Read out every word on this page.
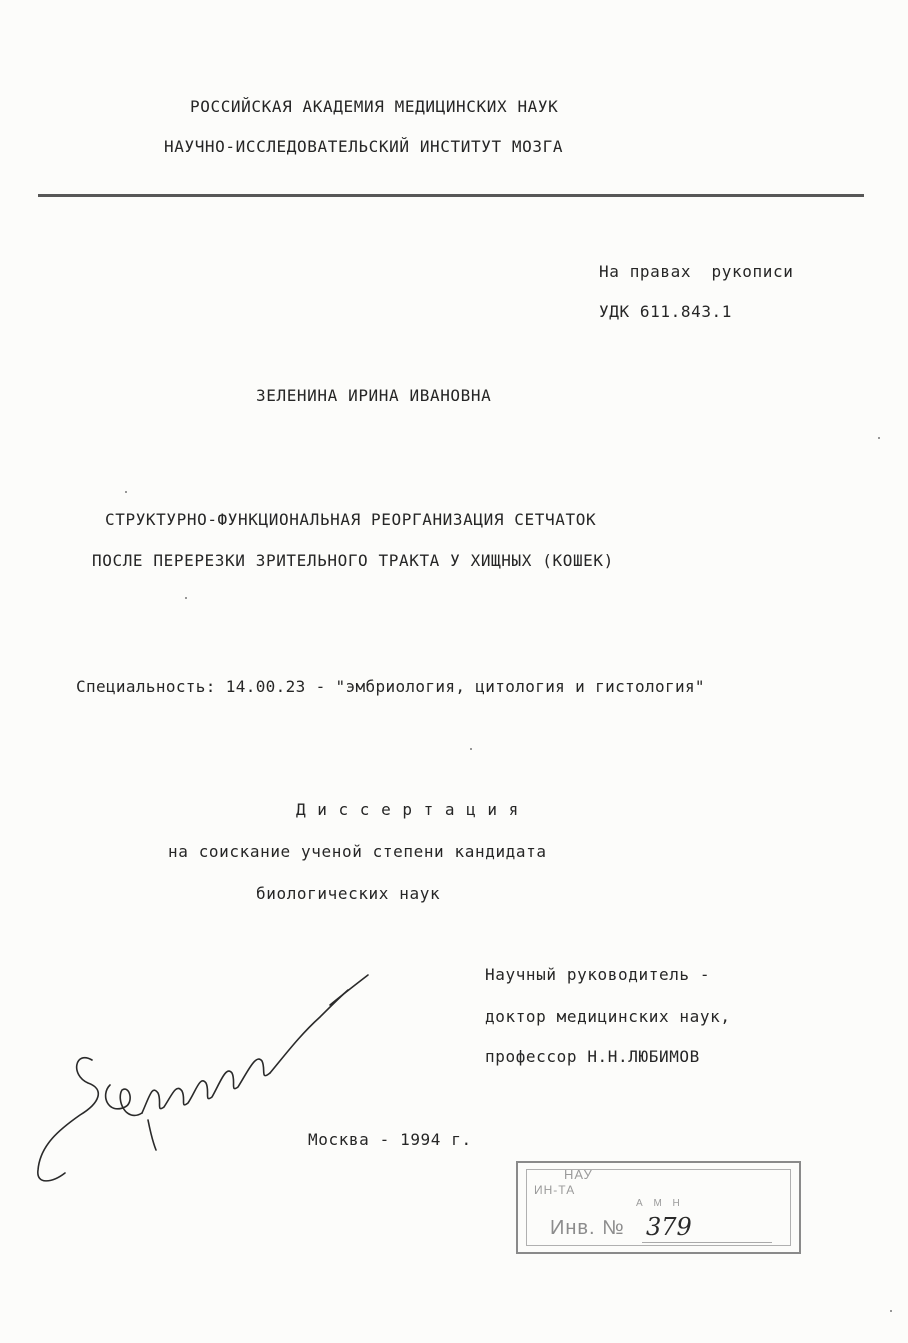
РОССИЙСКАЯ АКАДЕМИЯ МЕДИЦИНСКИХ НАУК
НАУЧНО-ИССЛЕДОВАТЕЛЬСКИЙ ИНСТИТУТ МОЗГА
На правах  рукописи
УДК 611.843.1
ЗЕЛЕНИНА ИРИНА ИВАНОВНА
СТРУКТУРНО-ФУНКЦИОНАЛЬНАЯ РЕОРГАНИЗАЦИЯ СЕТЧАТОК
ПОСЛЕ ПЕРЕРЕЗКИ ЗРИТЕЛЬНОГО ТРАКТА У ХИЩНЫХ (КОШЕК)
Специальность: 14.00.23 - "эмбриология, цитология и гистология"
Д и с с е р т а ц и я
на соискание ученой степени кандидата
биологических наук
Научный руководитель -
доктор медицинских наук,
профессор Н.Н.ЛЮБИМОВ
Москва - 1994 г.
НАУ
ИН-ТА
А М Н
Инв. № 379
